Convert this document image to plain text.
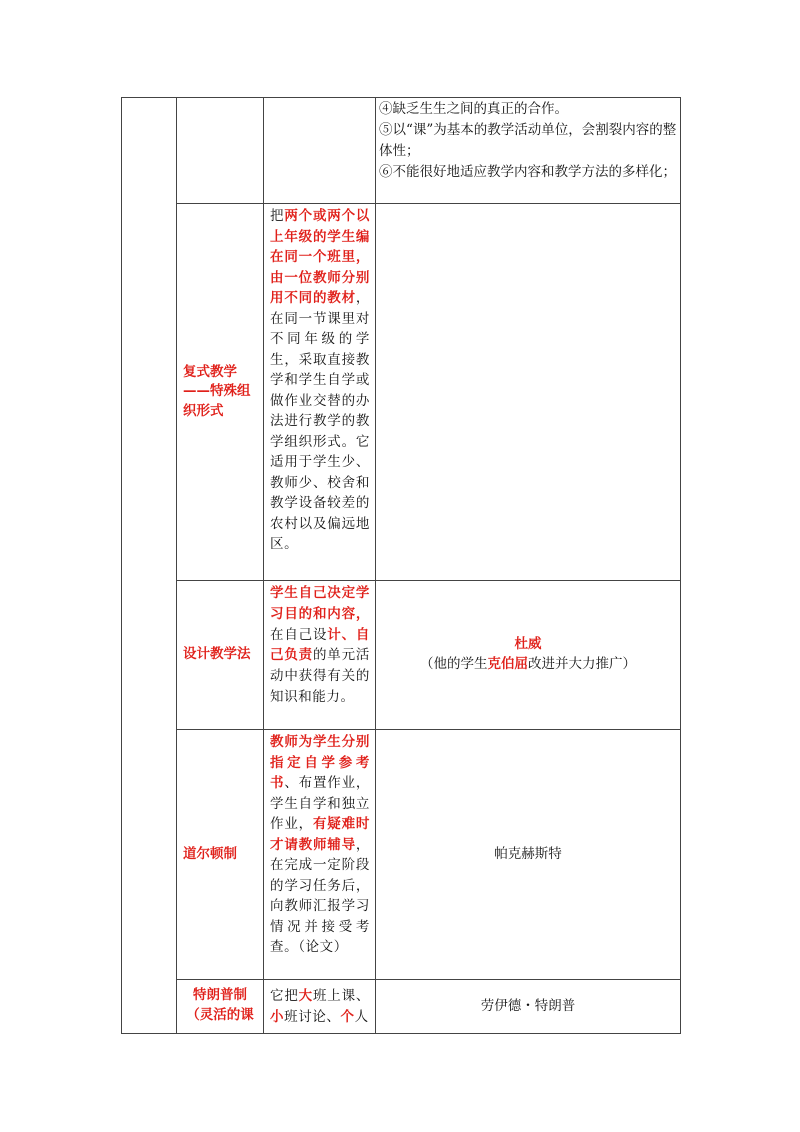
④缺乏生生之间的真正的合作。
⑤以“课”为基本的教学活动单位，会割裂内容的整体性；
⑥不能很好地适应教学内容和教学方法的多样化；
复式教学——特殊组织形式
把两个或两个以上年级的学生编在同一个班里，由一位教师分别用不同的教材，在同一节课里对不同年级的学生，采取直接教学和学生自学或做作业交替的办法进行教学的教学组织形式。它适用于学生少、教师少、校舍和教学设备较差的农村以及偏远地区。
设计教学法
学生自己决定学习目的和内容，在自己设计、自己负责的单元活动中获得有关的知识和能力。
杜威
（他的学生克伯屈改进并大力推广）
道尔顿制
教师为学生分别指定自学参考书、布置作业，学生自学和独立作业，有疑难时才请教师辅导，在完成一定阶段的学习任务后，向教师汇报学习情况并接受考查。（论文）
帕克赫斯特
特朗普制（灵活的课
它把大班上课、小班讨论、个人
劳伊德・特朗普
